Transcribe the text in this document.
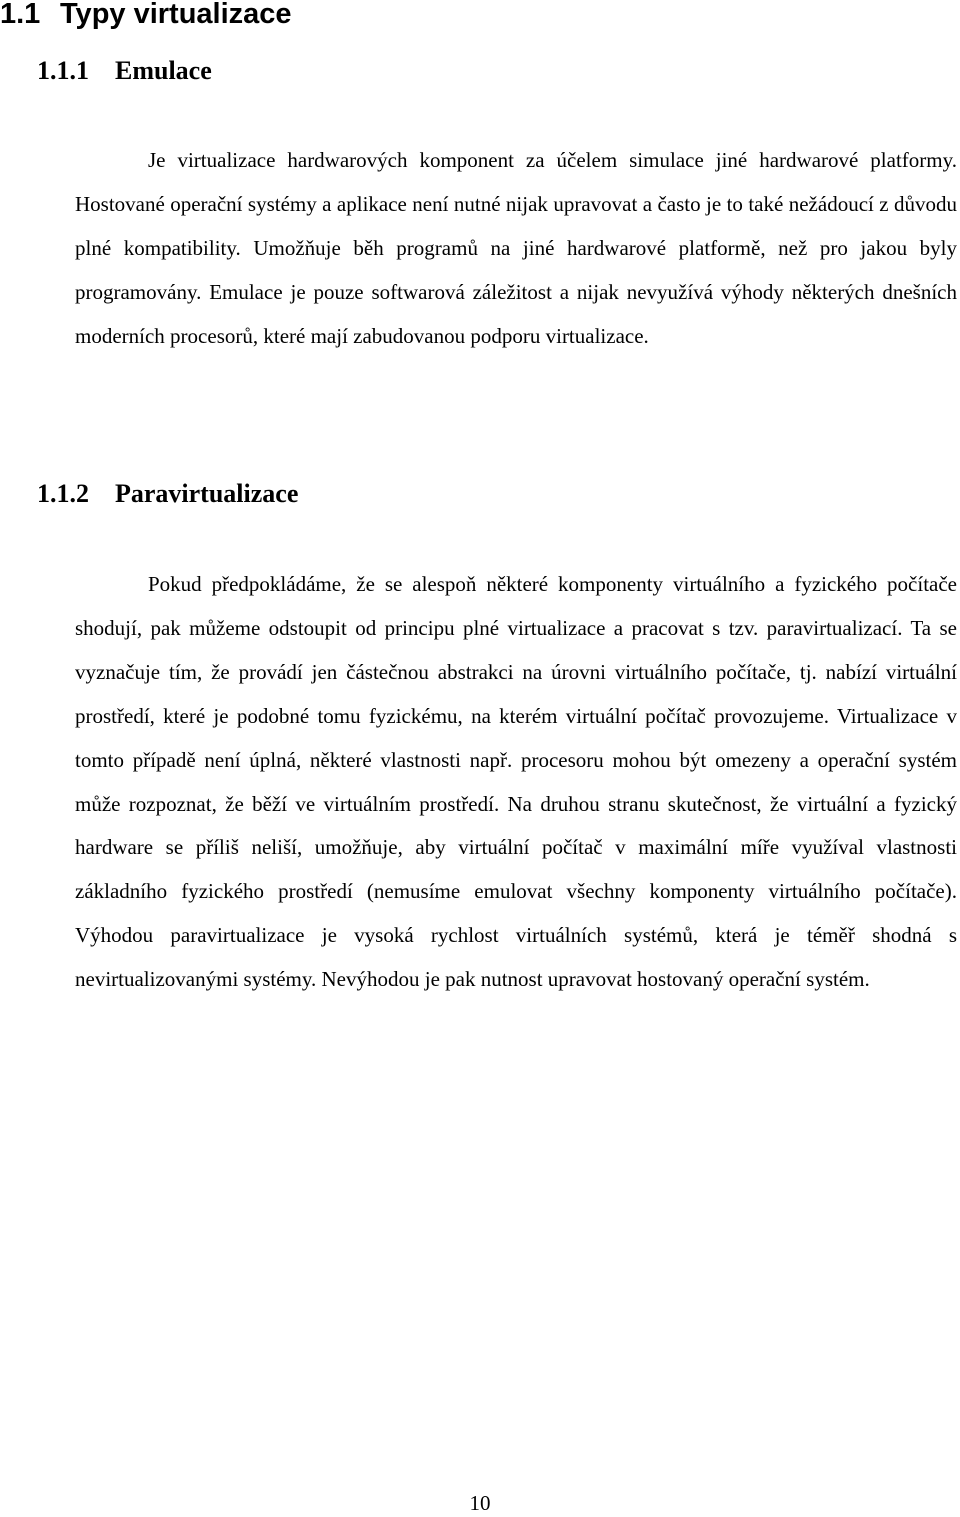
1.1 Typy virtualizace
1.1.1 Emulace

Je virtualizace hardwarových komponent za účelem simulace jiné hardwarové platformy. Hostované operační systémy a aplikace není nutné nijak upravovat a často je to také nežádoucí z důvodu plné kompatibility. Umožňuje běh programů na jiné hardwarové platformě, než pro jakou byly programovány. Emulace je pouze softwarová záležitost a nijak nevyužívá výhody některých dnešních moderních procesorů, které mají zabudovanou podporu virtualizace.

1.1.2 Paravirtualizace

Pokud předpokládáme, že se alespoň některé komponenty virtuálního a fyzického počítače shodují, pak můžeme odstoupit od principu plné virtualizace a pracovat s tzv. paravirtualizací. Ta se vyznačuje tím, že provádí jen částečnou abstrakci na úrovni virtuálního počítače, tj. nabízí virtuální prostředí, které je podobné tomu fyzickému, na kterém virtuální počítač provozujeme. Virtualizace v tomto případě není úplná, některé vlastnosti např. procesoru mohou být omezeny a operační systém může rozpoznat, že běží ve virtuálním prostředí. Na druhou stranu skutečnost, že virtuální a fyzický hardware se příliš neliší, umožňuje, aby virtuální počítač v maximální míře využíval vlastnosti základního fyzického prostředí (nemusíme emulovat všechny komponenty virtuálního počítače). Výhodou paravirtualizace je vysoká rychlost virtuálních systémů, která je téměř shodná s nevirtualizovanými systémy. Nevýhodou je pak nutnost upravovat hostovaný operační systém.

10
